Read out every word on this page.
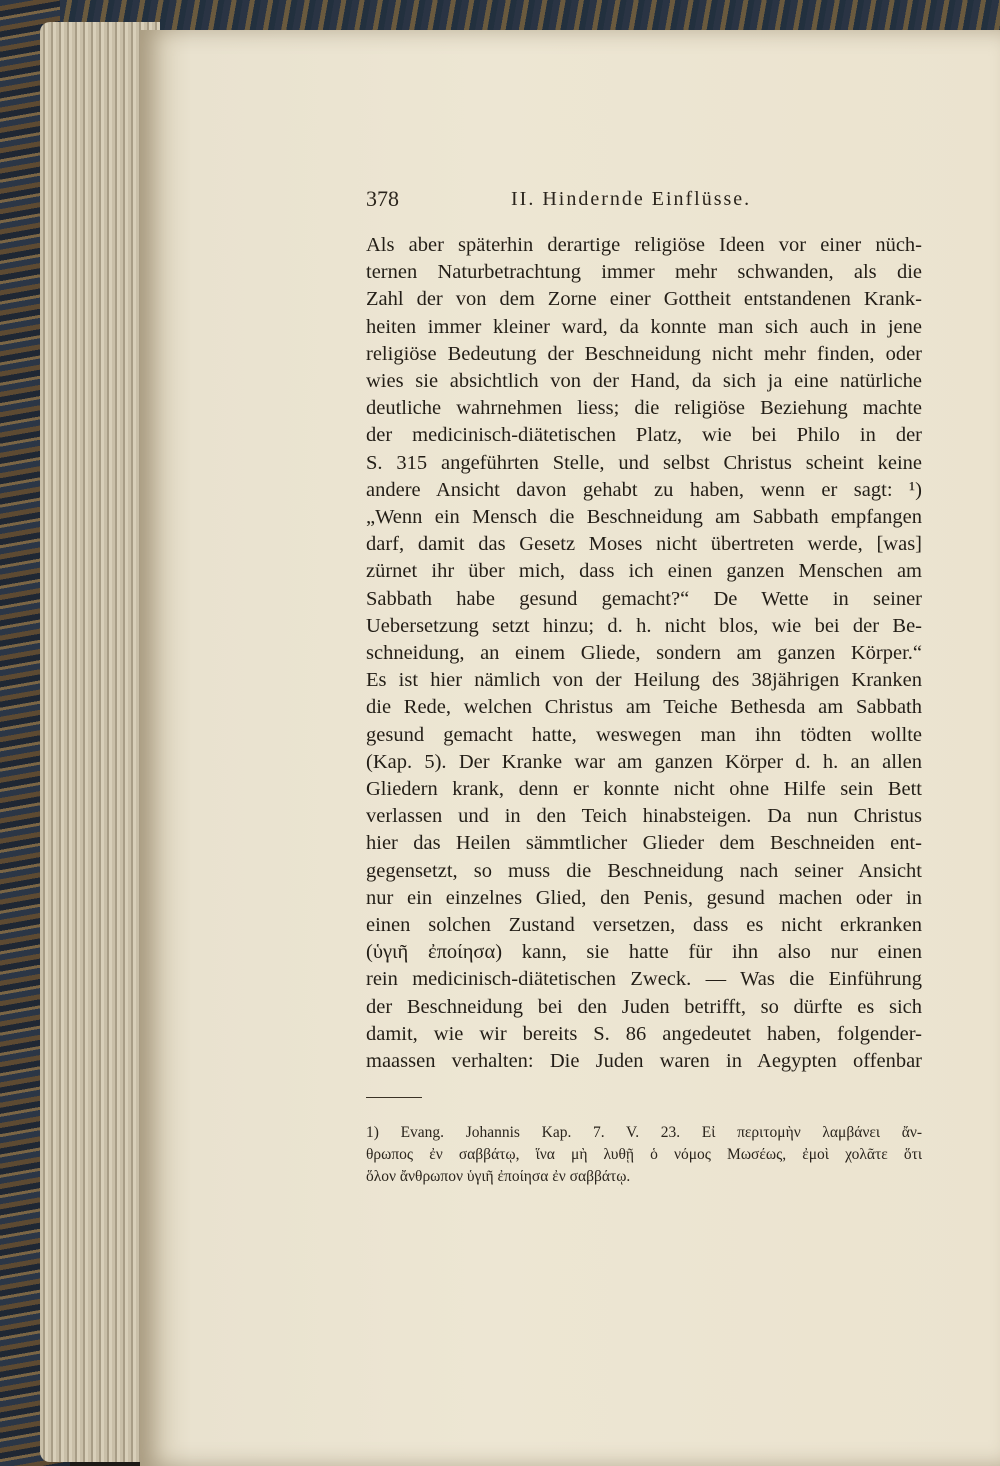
378	II. Hindernde Einflüsse.
Als aber späterhin derartige religiöse Ideen vor einer nüch-
ternen Naturbetrachtung immer mehr schwanden, als die
Zahl der von dem Zorne einer Gottheit entstandenen Krank-
heiten immer kleiner ward, da konnte man sich auch in jene
religiöse Bedeutung der Beschneidung nicht mehr finden, oder
wies sie absichtlich von der Hand, da sich ja eine natürliche
deutliche wahrnehmen liess; die religiöse Beziehung machte
der medicinisch-diätetischen Platz, wie bei Philo in der
S. 315 angeführten Stelle, und selbst Christus scheint keine
andere Ansicht davon gehabt zu haben, wenn er sagt: ¹)
„Wenn ein Mensch die Beschneidung am Sabbath empfangen
darf, damit das Gesetz Moses nicht übertreten werde, [was]
zürnet ihr über mich, dass ich einen ganzen Menschen am
Sabbath habe gesund gemacht?“ De Wette in seiner
Uebersetzung setzt hinzu; d. h. nicht blos, wie bei der Be-
schneidung, an einem Gliede, sondern am ganzen Körper.“
Es ist hier nämlich von der Heilung des 38jährigen Kranken
die Rede, welchen Christus am Teiche Bethesda am Sabbath
gesund gemacht hatte, weswegen man ihn tödten wollte
(Kap. 5). Der Kranke war am ganzen Körper d. h. an allen
Gliedern krank, denn er konnte nicht ohne Hilfe sein Bett
verlassen und in den Teich hinabsteigen. Da nun Christus
hier das Heilen sämmtlicher Glieder dem Beschneiden ent-
gegensetzt, so muss die Beschneidung nach seiner Ansicht
nur ein einzelnes Glied, den Penis, gesund machen oder in
einen solchen Zustand versetzen, dass es nicht erkranken
(ὑγιῆ ἐποίησα) kann, sie hatte für ihn also nur einen
rein medicinisch-diätetischen Zweck. — Was die Einführung
der Beschneidung bei den Juden betrifft, so dürfte es sich
damit, wie wir bereits S. 86 angedeutet haben, folgender-
maassen verhalten: Die Juden waren in Aegypten offenbar
1) Evang. Johannis Kap. 7. V. 23. Εἰ περιτομὴν λαμβάνει ἄν-
θρωπος ἐν σαββάτῳ, ἵνα μὴ λυθῇ ὁ νόμος Μωσέως, ἐμοὶ χολᾶτε ὅτι
ὅλον ἄνθρωπον ὑγιῆ ἐποίησα ἐν σαββάτῳ.
